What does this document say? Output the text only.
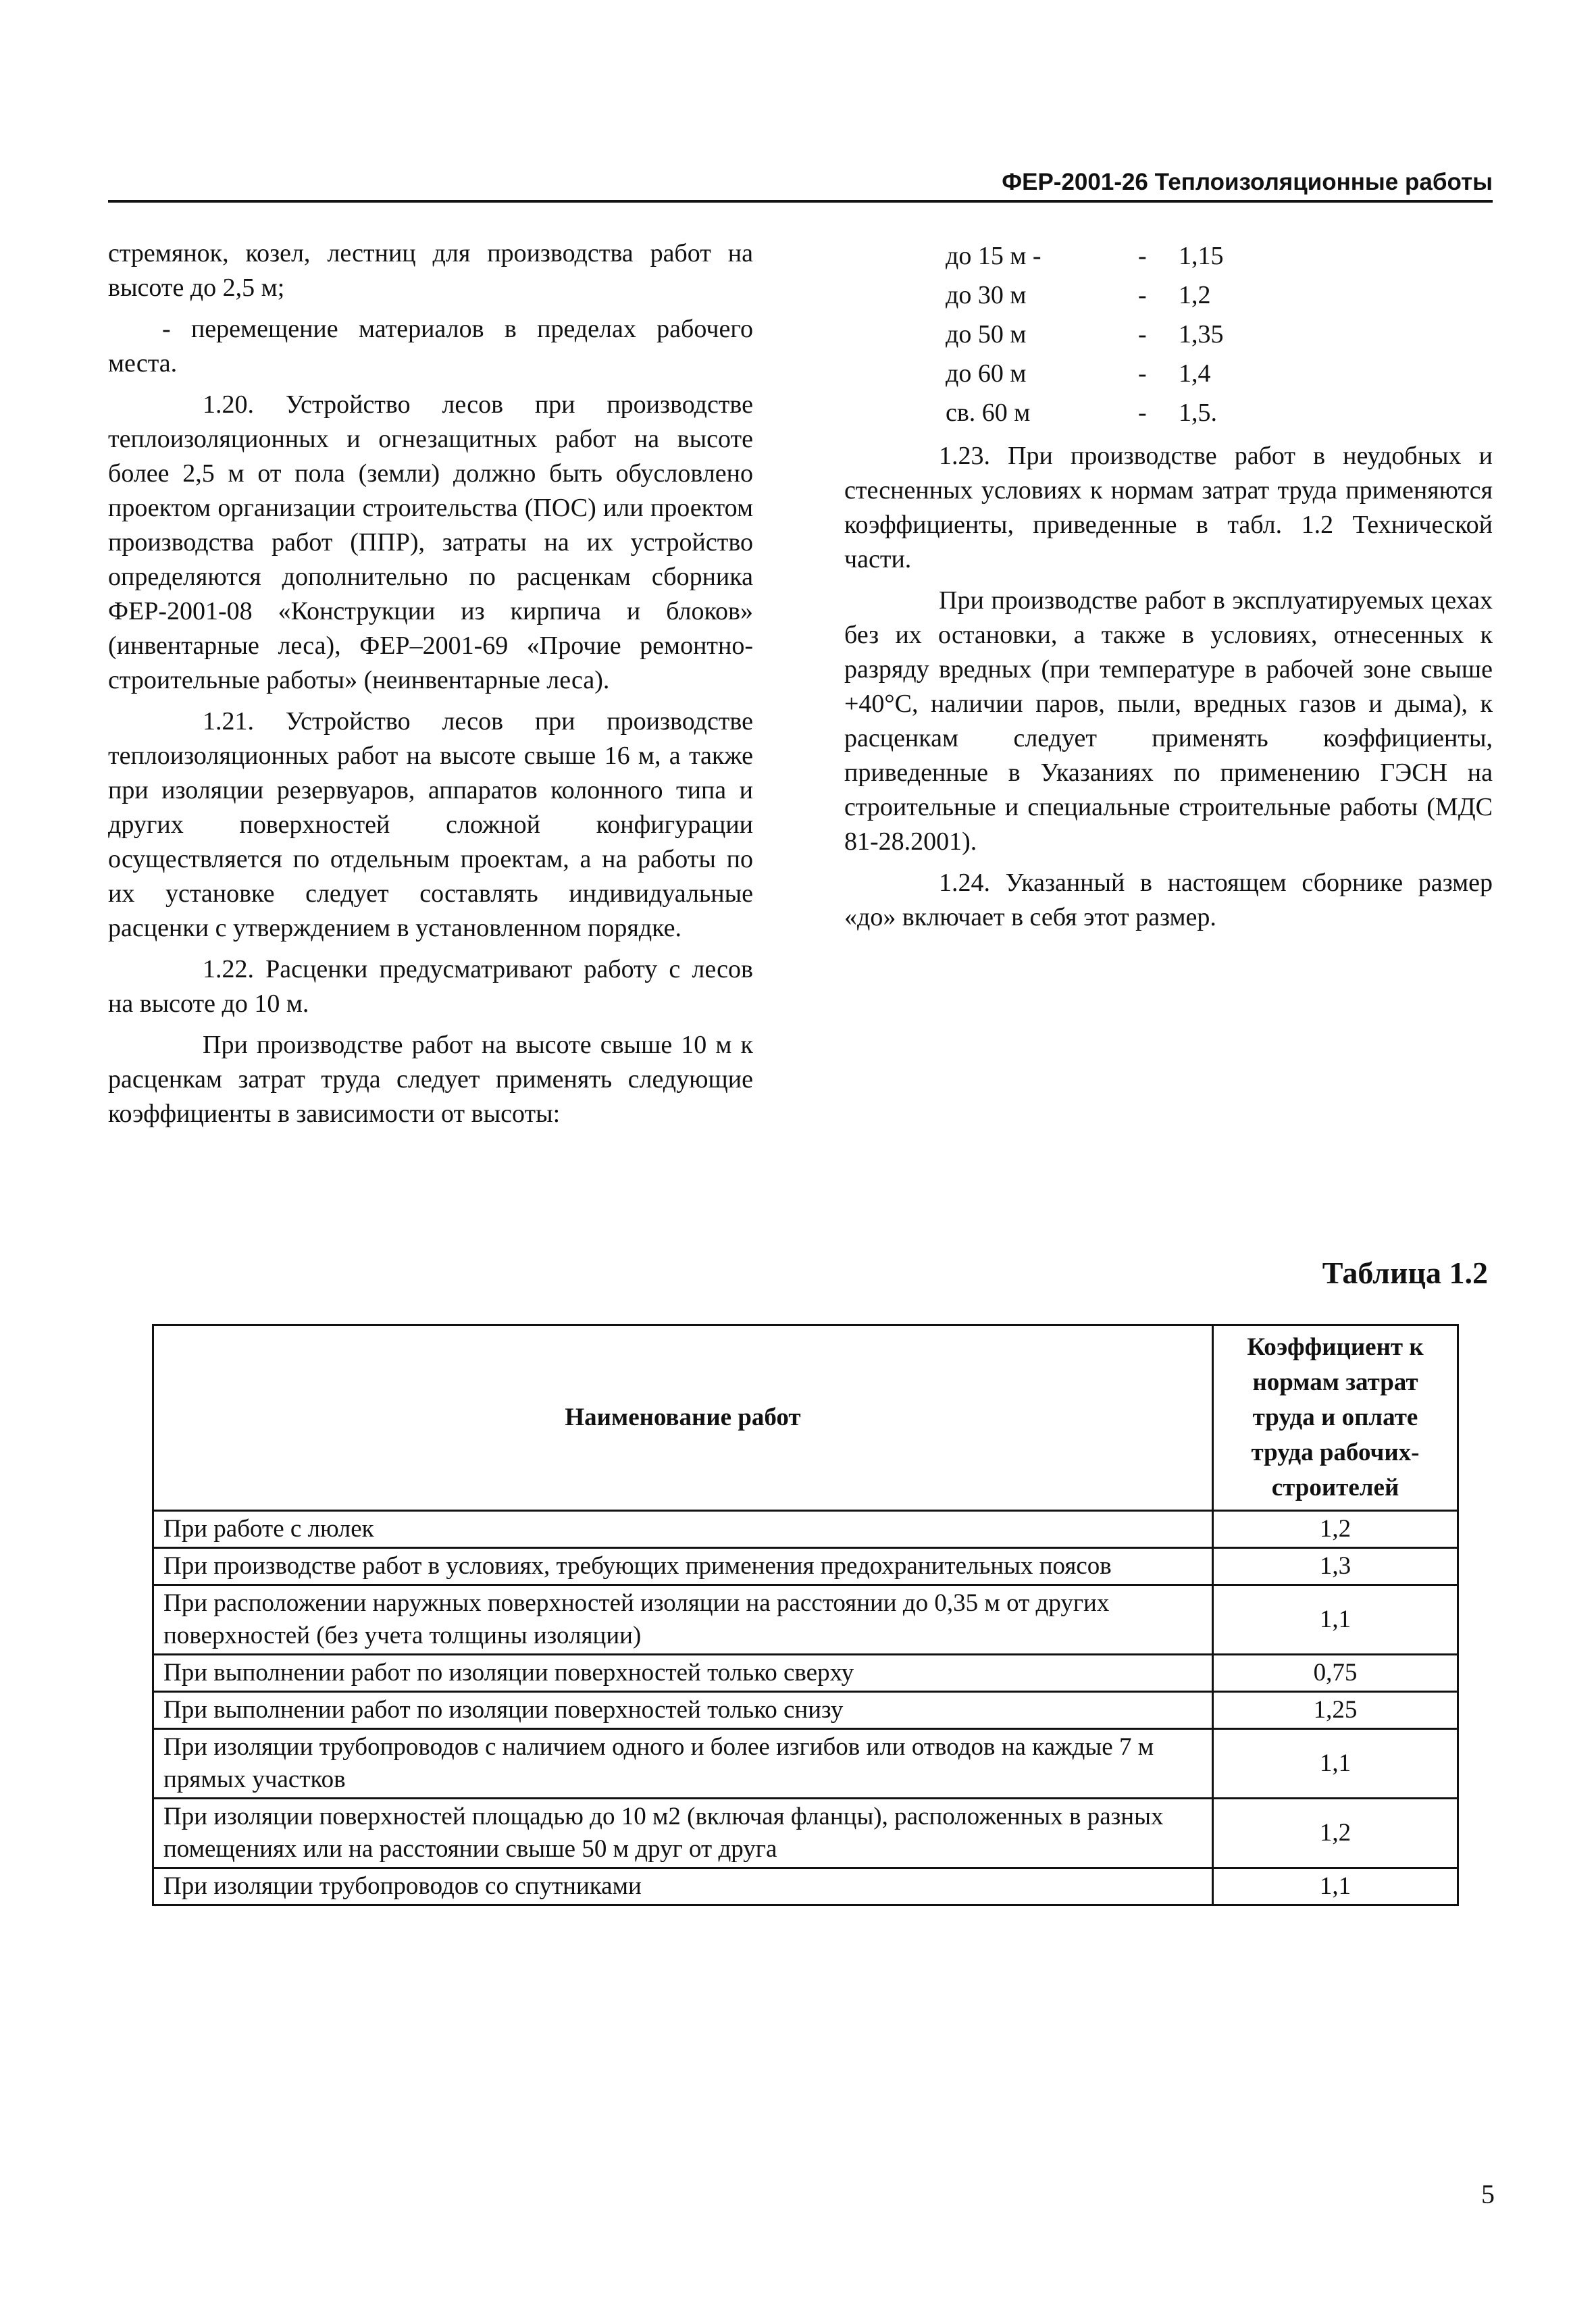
ФЕР-2001-26 Теплоизоляционные работы

стремянок, козел, лестниц для производства работ на высоте до 2,5 м;

- перемещение материалов в пределах рабочего места.

1.20. Устройство лесов при производстве теплоизоляционных и огнезащитных работ на высоте более 2,5 м от пола (земли) должно быть обусловлено проектом организации строительства (ПОС) или проектом производства работ (ППР), затраты на их устройство определяются дополнительно по расценкам сборника ФЕР-2001-08 «Конструкции из кирпича и блоков» (инвентарные леса), ФЕР–2001-69 «Прочие ремонтно-строительные работы» (неинвентарные леса).

1.21. Устройство лесов при производстве теплоизоляционных работ на высоте свыше 16 м, а также при изоляции резервуаров, аппаратов колонного типа и других поверхностей сложной конфигурации осуществляется по отдельным проектам, а на работы по их установке следует составлять индивидуальные расценки с утверждением в установленном порядке.

1.22. Расценки предусматривают работу с лесов на высоте до 10 м.

При производстве работ на высоте свыше 10 м к расценкам затрат труда следует применять следующие коэффициенты в зависимости от высоты:

до 15 м -	-	1,15
до 30 м	-	1,2
до 50 м	-	1,35
до 60 м	-	1,4
св. 60 м	-	1,5.

1.23. При производстве работ в неудобных и стесненных условиях к нормам затрат труда применяются коэффициенты, приведенные в табл. 1.2 Технической части.

При производстве работ в эксплуатируемых цехах без их остановки, а также в условиях, отнесенных к разряду вредных (при температуре в рабочей зоне свыше +40°С, наличии паров, пыли, вредных газов и дыма), к расценкам следует применять коэффициенты, приведенные в Указаниях по применению ГЭСН на строительные и специальные строительные работы (МДС 81-28.2001).

1.24. Указанный в настоящем сборнике размер «до» включает в себя этот размер.

Таблица 1.2
Наименование работ	Коэффициент к нормам затрат труда и оплате труда рабочих-строителей
При работе с люлек	1,2
При производстве работ в условиях, требующих применения предохранительных поясов	1,3
При расположении наружных поверхностей изоляции на расстоянии до 0,35 м от других поверхностей (без учета толщины изоляции)	1,1
При выполнении работ по изоляции поверхностей только сверху	0,75
При выполнении работ по изоляции поверхностей только снизу	1,25
При изоляции трубопроводов с наличием одного и более изгибов или отводов на каждые 7 м прямых участков	1,1
При изоляции поверхностей площадью до 10 м2 (включая фланцы), расположенных в разных помещениях или на расстоянии свыше 50 м друг от друга	1,2
При изоляции трубопроводов со спутниками	1,1
5
